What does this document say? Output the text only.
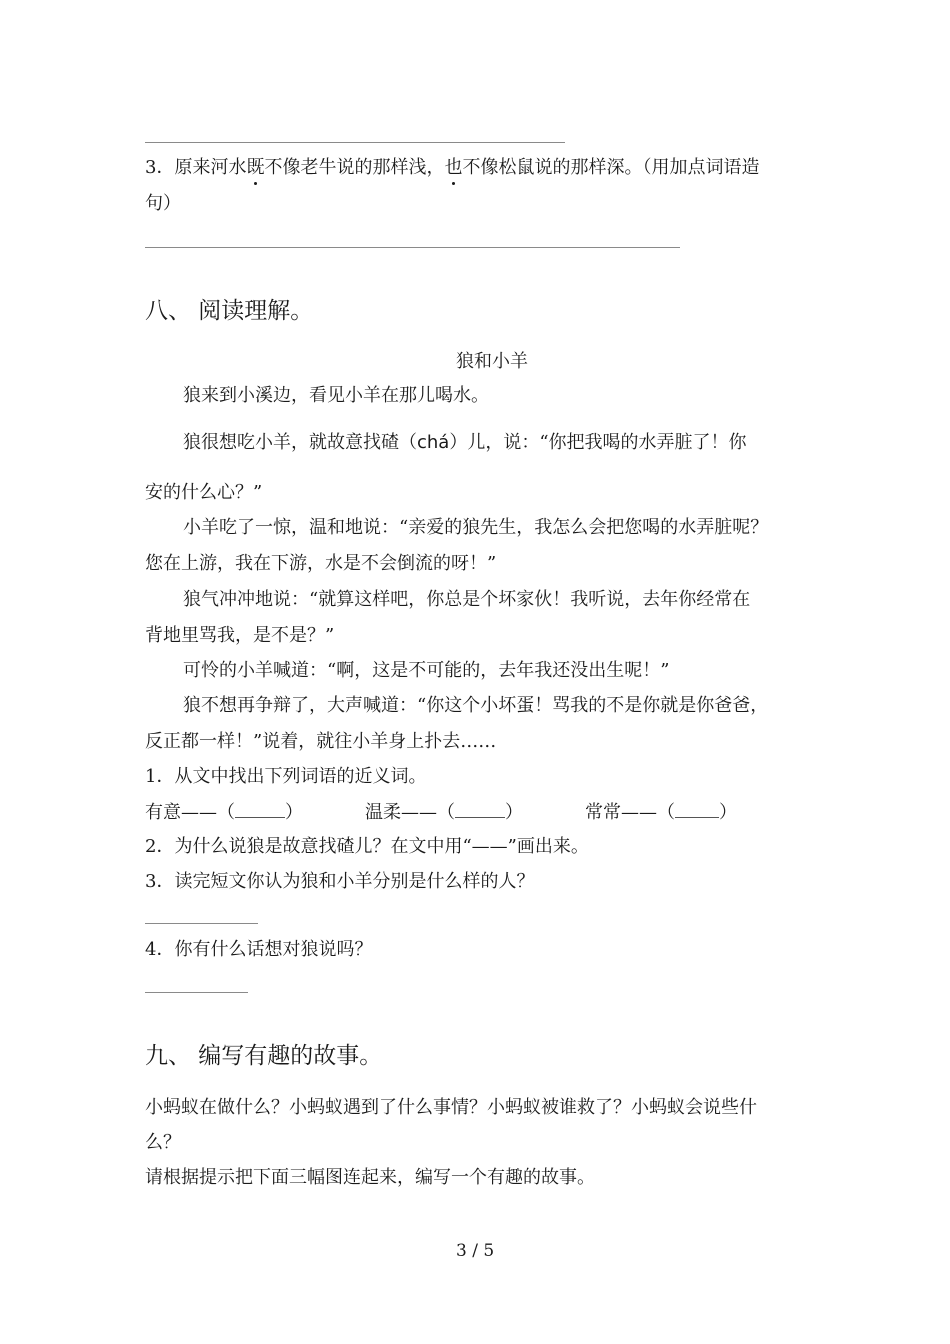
3．原来河水既不像老牛说的那样浅，也不像松鼠说的那样深。（用加点词语造
句）
八、 阅读理解。
狼和小羊
狼来到小溪边，看见小羊在那儿喝水。
狼很想吃小羊，就故意找碴（chá）儿，说：“你把我喝的水弄脏了！你
安的什么心？”
小羊吃了一惊，温和地说：“亲爱的狼先生，我怎么会把您喝的水弄脏呢？
您在上游，我在下游，水是不会倒流的呀！”
狼气冲冲地说：“就算这样吧，你总是个坏家伙！我听说，去年你经常在
背地里骂我，是不是？”
可怜的小羊喊道：“啊，这是不可能的，去年我还没出生呢！”
狼不想再争辩了，大声喊道：“你这个小坏蛋！骂我的不是你就是你爸爸，
反正都一样！”说着，就往小羊身上扑去……
1．从文中找出下列词语的近义词。
有意——（	）	温柔——（	）	常常——（ ）
2．为什么说狼是故意找碴儿？在文中用“——”画出来。
3．读完短文你认为狼和小羊分别是什么样的人？
4．你有什么话想对狼说吗？
九、 编写有趣的故事。
小蚂蚁在做什么？小蚂蚁遇到了什么事情？小蚂蚁被谁救了？小蚂蚁会说些什
么？
请根据提示把下面三幅图连起来，编写一个有趣的故事。
3 / 5
